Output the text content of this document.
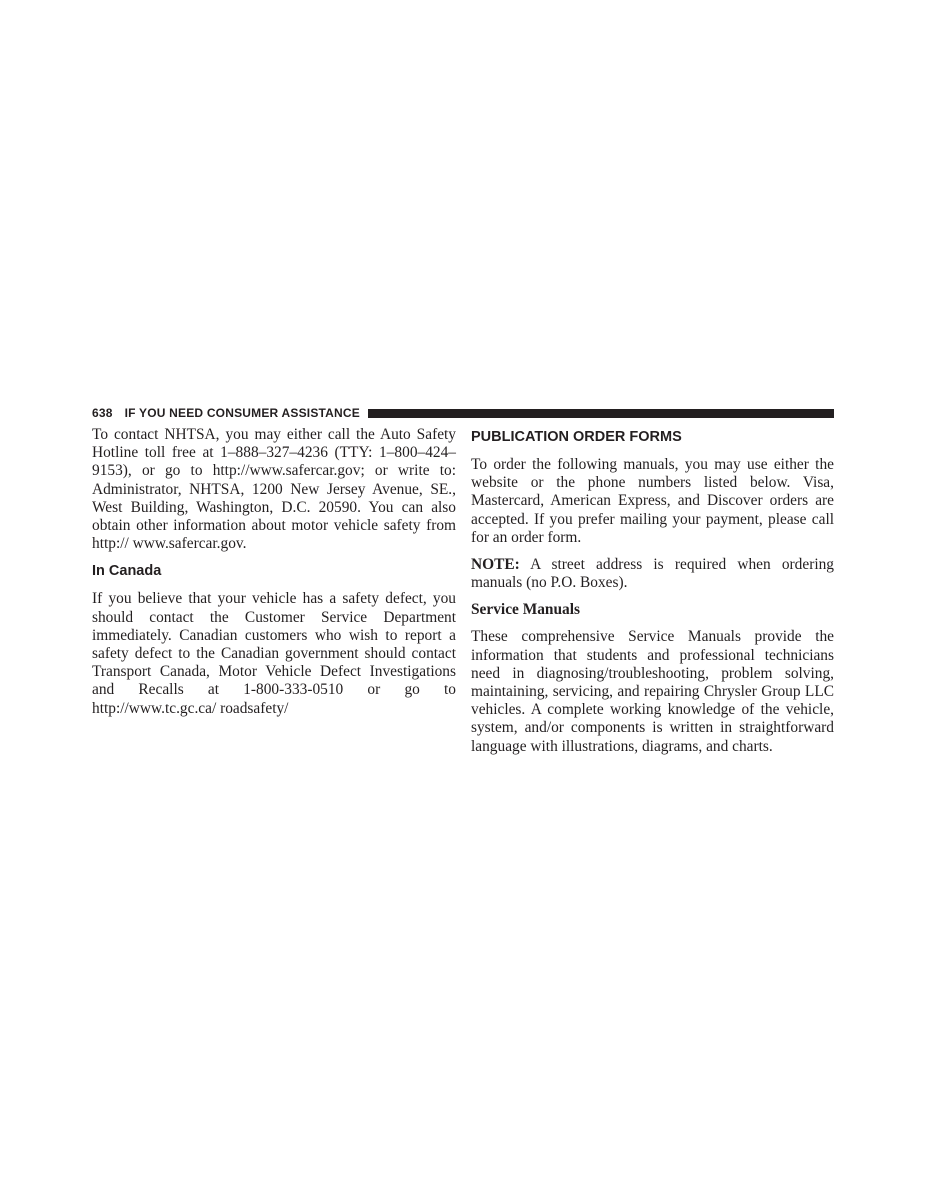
638 IF YOU NEED CONSUMER ASSISTANCE

To contact NHTSA, you may either call the Auto Safety Hotline toll free at 1–888–327–4236 (TTY: 1–800–424– 9153), or go to http://www.safercar.gov; or write to: Administrator, NHTSA, 1200 New Jersey Avenue, SE., West Building, Washington, D.C. 20590. You can also obtain other information about motor vehicle safety from http:// www.safercar.gov.

In Canada

If you believe that your vehicle has a safety defect, you should contact the Customer Service Department immediately. Canadian customers who wish to report a safety defect to the Canadian government should contact Transport Canada, Motor Vehicle Defect Investigations and Recalls at 1-800-333-0510 or go to http://www.tc.gc.ca/ roadsafety/

PUBLICATION ORDER FORMS

To order the following manuals, you may use either the website or the phone numbers listed below. Visa, Mastercard, American Express, and Discover orders are accepted. If you prefer mailing your payment, please call for an order form.

NOTE: A street address is required when ordering manuals (no P.O. Boxes).

Service Manuals

These comprehensive Service Manuals provide the information that students and professional technicians need in diagnosing/troubleshooting, problem solving, maintaining, servicing, and repairing Chrysler Group LLC vehicles. A complete working knowledge of the vehicle, system, and/or components is written in straightforward language with illustrations, diagrams, and charts.
